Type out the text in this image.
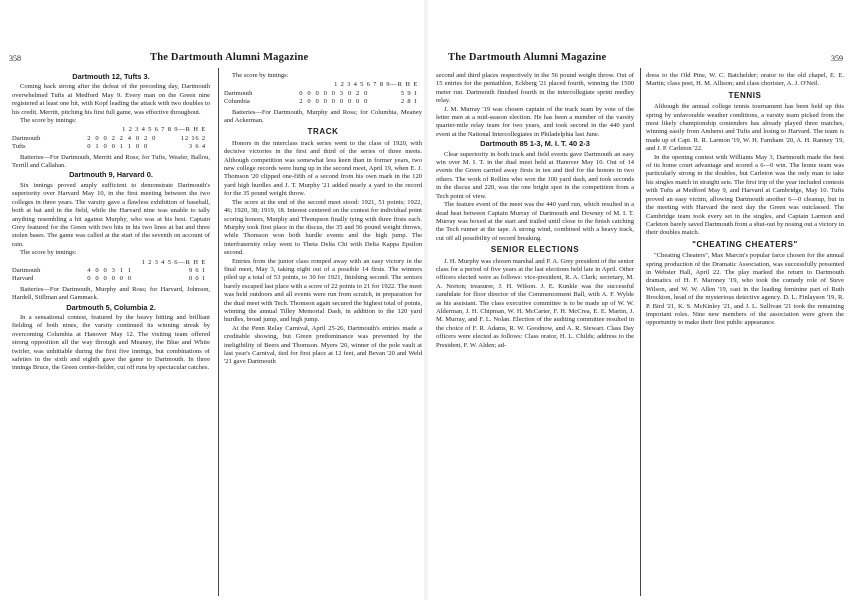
358	The Dartmouth Alumni Magazine
Dartmouth 12, Tufts 3.

Coming back strong after the defeat of the preceding day, Dartmouth overwhelmed Tufts at Medford May 9. Every man on the Green nine registered at least one hit, with Kopf leading the attack with two doubles to his credit. Merritt, pitching his first full game, was effective throughout.

The score by innings:

	1 2 3 4 5 6 7 8 9—R H E	
Dartmouth	2 0 0 2 2 4 0 2 0	12 16 2
Tufts	0 1 0 0 1 1 0 0	3 6 4

Batteries—For Dartmouth, Merritt and Ross; for Tufts, Weafer, Ballou, Terrill and Callahan.

Dartmouth 9, Harvard 0.

Six innings proved amply sufficient to demonstrate Dartmouth's superiority over Harvard May 10, in the first meeting between the two colleges in three years. The varsity gave a flawless exhibition of baseball, both at bat and in the field, while the Harvard nine was unable to tally anything resembling a hit against Murphy, who was at his best. Captain Grey featured for the Green with two hits in his two lines at bat and three stolen bases. The game was called at the start of the seventh on account of rain.

The score by innings:

	1 2 3 4 5 6—R H E	
Dartmouth	4 0 0 3 1 1	9 6 1
Harvard	0 0 0 0 0 0	0 0 1

Batteries—For Dartmouth, Murphy and Ross; for Harvard, Johnson, Hardell, Stillman and Gammack.

Dartmouth 5, Columbia 2.

In a sensational contest, featured by the heavy hitting and brilliant fielding of both nines, the varsity continued its winning streak by overcoming Columbia at Hanover May 12. The visiting team offered strong opposition all the way through and Meaney, the Blue and White twirler, was unhittable during the first five innings, but combinations of safeties in the sixth and eighth gave the game to Dartmouth. In three innings Bruce, the Green center-fielder, cut off runs by spectacular catches.

The score by innings:

	1 2 3 4 5 6 7 8 9—R H E	
Dartmouth	0 0 0 0 0 3 0 2 0	5 9 1
Columbia	2 0 0 0 0 0 0 0 0	2 8 1

Batteries—For Dartmouth, Murphy and Ross; for Columbia, Meaney and Ackerman.

TRACK

Honors in the interclass track series went to the class of 1920, with decisive victories in the first and third of the series of three meets. Although competition was somewhat less keen than in former years, two new college records were hung up in the second meet, April 19, when E. J. Thomson '20 clipped one-fifth of a second from his own mark in the 120 yard high hurdles and J. T. Murphy '21 added nearly a yard to the record for the 35 pound weight throw.

The score at the end of the second meet stood: 1921, 51 points; 1922, 46; 1920, 38; 1919, 18. Interest centered on the contest for individual point scoring honors, Murphy and Thompson finally tying with three firsts each. Murphy took first place in the discus, the 35 and 56 pound weight throws, while Thomson won both hurdle events and the high jump. The interfraternity relay went to Theta Delta Chi with Delta Kappa Epsilon second.

Entries from the junior class romped away with an easy victory in the final meet, May 3, taking eight out of a possible 14 firsts. The winners piled up a total of 53 points, to 30 for 1921, finishing second. The seniors barely escaped last place with a score of 22 points to 21 for 1922. The meet was held outdoors and all events were run from scratch, in preparation for the dual meet with Tech. Thomson again secured the highest total of points, winning the annual Tilley Memorial Dash, in addition to the 120 yard hurdles, broad jump, and high jump.

At the Penn Relay Carnival, April 25-26, Dartmouth's entries made a creditable showing, but Green predominance was prevented by the ineligibility of Beers and Thomson. Myers '20, winner of the pole vault at last year's Carnival, tied for first place at 12 feet, and Bevan '20 and Weld '21 gave Dartmouth

359
The Dartmouth Alumni Magazine

second and third places respectively in the 56 pound weight throw. Out of 15 entries for the pentathlon, Eckberg '21 placed fourth, winning the 1500 meter run. Dartmouth finished fourth in the intercollegiate sprint medley relay.

J. M. Murray '19 was chosen captain of the track team by vote of the letter men at a mid-season election. He has been a member of the varsity quarter-mile relay team for two years, and took second in the 440 yard event at the National Intercollegiates in Philadelphia last June.

Dartmouth 85 1-3, M. I. T. 40 2-3

Clear superiority in both track and field events gave Dartmouth an easy win over M. I. T. in the dual meet held at Hanover May 10. Out of 14 events the Green carried away firsts in ten and tied for the honors in two others. The work of Rollins who won the 100 yard dash, and took seconds in the discus and 220, was the one bright spot in the competition from a Tech point of view.

The feature event of the meet was the 440 yard run, which resulted in a dead heat between Captain Murray of Dartmouth and Downey of M. I. T. Murray was boxed at the start and trailed until close to the finish catching the Tech runner at the tape. A strong wind, combined with a heavy track, cut off all possibility of record breaking.

SENIOR ELECTIONS

J. H. Murphy was chosen marshal and P. A. Grey president of the senior class for a period of five years at the last elections held late in April. Other officers elected were as follows: vice-president, R. A. Clark; secretary, M. A. Norton; treasurer, J. H. Wilson. J. E. Kunkle was the successful candidate for floor director of the Commencement Ball, with A. F. Wylde as his assistant. The class executive committee is to be made up of W. W. Alderman, J. H. Chipman, W. H. McCarter, F. H. McCrea, E. E. Martin, J. M. Murray, and F. L. Nolan. Election of the auditing committee resulted in the choice of F. R. Adams, R. W. Goodnow, and A. R. Stewart. Class Day officers were elected as follows: Class orator, H. L. Childs; address to the President, F. W. Alden; ad-

dress to the Old Pine, W. C. Batchelder; orator to the old chapel, E. E. Martin; class poet, H. M. Allison; and class chorister, A. J. O'Neil.

TENNIS

Although the annual college tennis tournament has been held up this spring by unfavorable weather conditions, a varsity team picked from the most likely championship contenders has already played three matches, winning easily from Amherst and Tufts and losing to Harvard. The team is made up of Capt. R. R. Larmon '19, W. H. Farnham '20, A. H. Ranney '19, and J. P. Carleton '22.

In the opening contest with Williams May 3, Dartmouth made the best of its home court advantage and scored a 6—0 win. The home team was particularly strong in the doubles, but Carleton was the only man to take his singles match in straight sets. The first trip of the year included contests with Tufts at Medford May 9, and Harvard at Cambridge, May 10. Tufts proved an easy victim, allowing Dartmouth another 6—0 cleanup, but in the meeting with Harvard the next day the Green was outclassed. The Cambridge team took every set in the singles, and Captain Larmon and Carleton barely saved Dartmouth from a shut-out by nosing out a victory in their doubles match.

"CHEATING CHEATERS"

"Cheating Cheaters", Max Marcin's popular farce chosen for the annual spring production of the Dramatic Association, was successfully presented in Webster Hall, April 22. The play marked the return to Dartmouth dramatics of H. F. Maroney '19, who took the comedy role of Steve Wilson, and W. W. Allen '19, cast in the leading feminine part of Ruth Brockton, head of the mysterious detective agency. D. L. Finlayson '19, R. P. Bird '21, K. S. McKinley '21, and J. L. Sullivan '21 took the remaining important roles. Nine new members of the association were given the opportunity to make their first public appearance.
